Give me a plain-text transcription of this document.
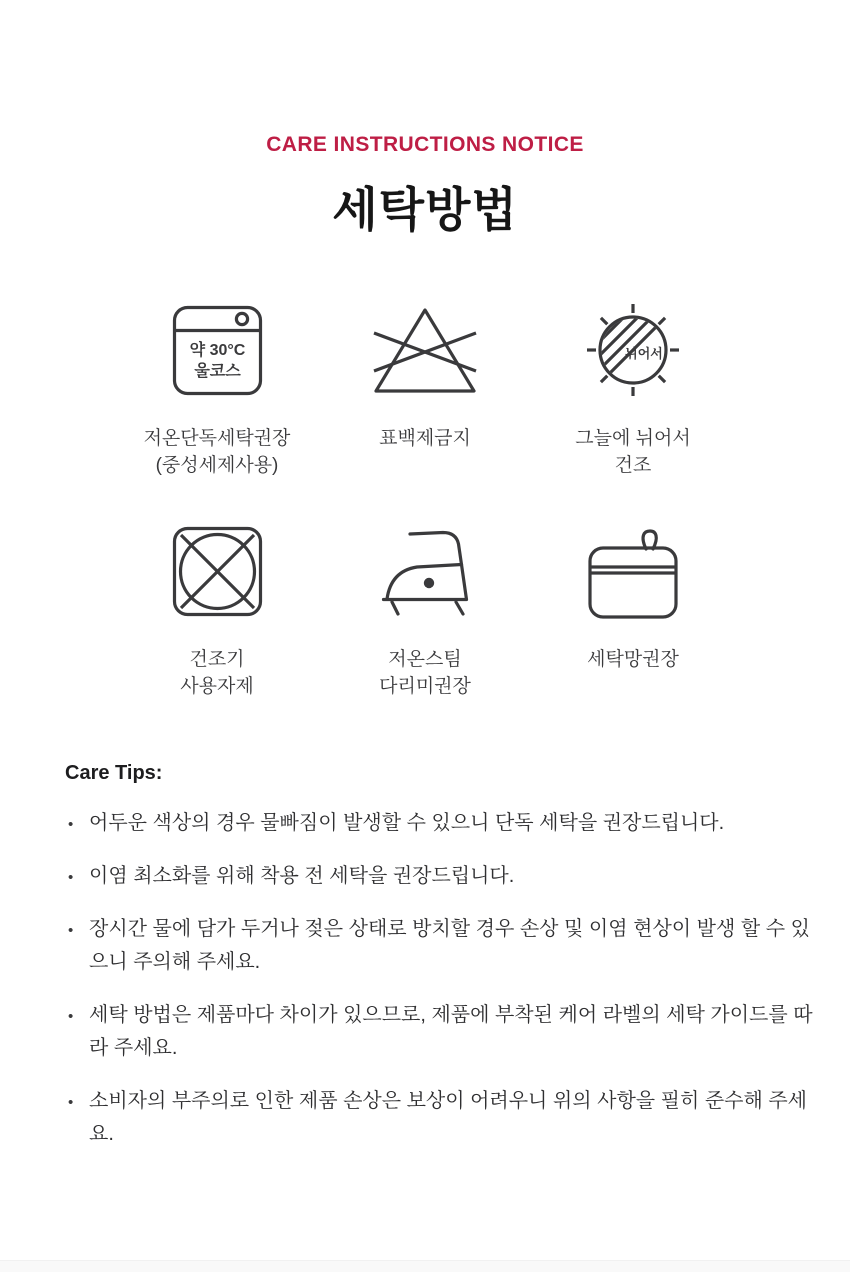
CARE INSTRUCTIONS NOTICE
세탁방법
약 30°C
울코스
저온단독세탁권장
(중성세제사용)
표백제금지
뉘어서
그늘에 뉘어서
건조
건조기
사용자제
저온스팀
다리미권장
세탁망권장
Care Tips:
• 어두운 색상의 경우 물빠짐이 발생할 수 있으니 단독 세탁을 권장드립니다.
• 이염 최소화를 위해 착용 전 세탁을 권장드립니다.
• 장시간 물에 담가 두거나 젖은 상태로 방치할 경우 손상 및 이염 현상이 발생 할 수 있으니 주의해 주세요.
• 세탁 방법은 제품마다 차이가 있으므로, 제품에 부착된 케어 라벨의 세탁 가이드를 따라 주세요.
• 소비자의 부주의로 인한 제품 손상은 보상이 어려우니 위의 사항을 필히 준수해 주세요.
